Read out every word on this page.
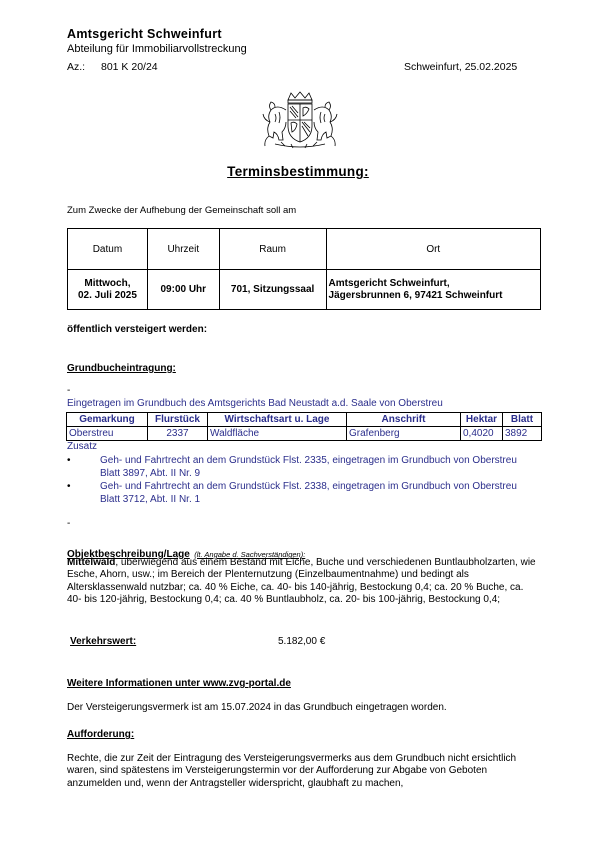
Amtsgericht Schweinfurt
Abteilung für Immobiliarvollstreckung
Az.: 801 K 20/24	Schweinfurt, 25.02.2025
Terminsbestimmung:
Zum Zwecke der Aufhebung der Gemeinschaft soll am
Datum	Uhrzeit	Raum	Ort
Mittwoch,
02. Juli 2025	09:00 Uhr	701, Sitzungssaal	Amtsgericht Schweinfurt,
Jägersbrunnen 6, 97421 Schweinfurt
öffentlich versteigert werden:
Grundbucheintragung:
-
Eingetragen im Grundbuch des Amtsgerichts Bad Neustadt a.d. Saale von Oberstreu
Gemarkung	Flurstück	Wirtschaftsart u. Lage	Anschrift	Hektar	Blatt
Oberstreu	2337	Waldfläche	Grafenberg	0,4020	3892
Zusatz
•	Geh- und Fahrtrecht an dem Grundstück Flst. 2335, eingetragen im Grundbuch von Oberstreu Blatt 3897, Abt. II Nr. 9
•	Geh- und Fahrtrecht an dem Grundstück Flst. 2338, eingetragen im Grundbuch von Oberstreu Blatt 3712, Abt. II Nr. 1
-
Objektbeschreibung/Lage (lt. Angabe d. Sachverständigen):
Mittelwald, überwiegend aus einem Bestand mit Eiche, Buche und verschiedenen Buntlaubholzarten, wie Esche, Ahorn, usw.; im Bereich der Plenternutzung (Einzelbaumentnahme) und bedingt als Altersklassenwald nutzbar; ca. 40 % Eiche, ca. 40- bis 140-jährig, Bestockung 0,4; ca. 20 % Buche, ca. 40- bis 120-jährig, Bestockung 0,4; ca. 40 % Buntlaubholz, ca. 20- bis 100-jährig, Bestockung 0,4;
Verkehrswert:	5.182,00 €
Weitere Informationen unter www.zvg-portal.de
Der Versteigerungsvermerk ist am 15.07.2024 in das Grundbuch eingetragen worden.
Aufforderung:
Rechte, die zur Zeit der Eintragung des Versteigerungsvermerks aus dem Grundbuch nicht ersichtlich waren, sind spätestens im Versteigerungstermin vor der Aufforderung zur Abgabe von Geboten anzumelden und, wenn der Antragsteller widerspricht, glaubhaft zu machen,
